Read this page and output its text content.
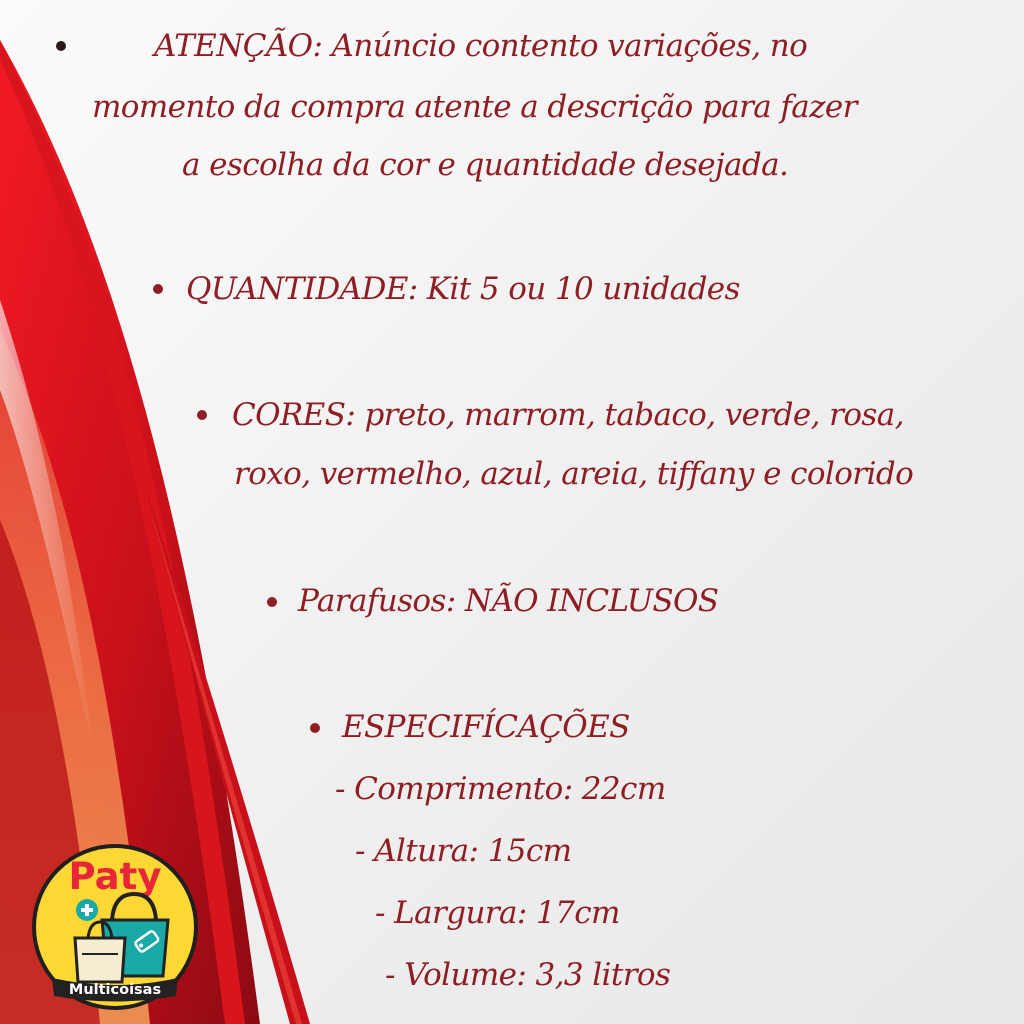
ATENÇÃO: Anúncio contento variações, no

momento da compra atente a descrição para fazer

a escolha da cor e quantidade desejada.

QUANTIDADE: Kit 5 ou 10 unidades

CORES: preto, marrom, tabaco, verde, rosa,

roxo, vermelho, azul, areia, tiffany e colorido

Parafusos: NÃO INCLUSOS

ESPECIFÍCAÇÕES

- Comprimento: 22cm

- Altura: 15cm

- Largura: 17cm

- Volume: 3,3 litros

Paty
Multicoisas
